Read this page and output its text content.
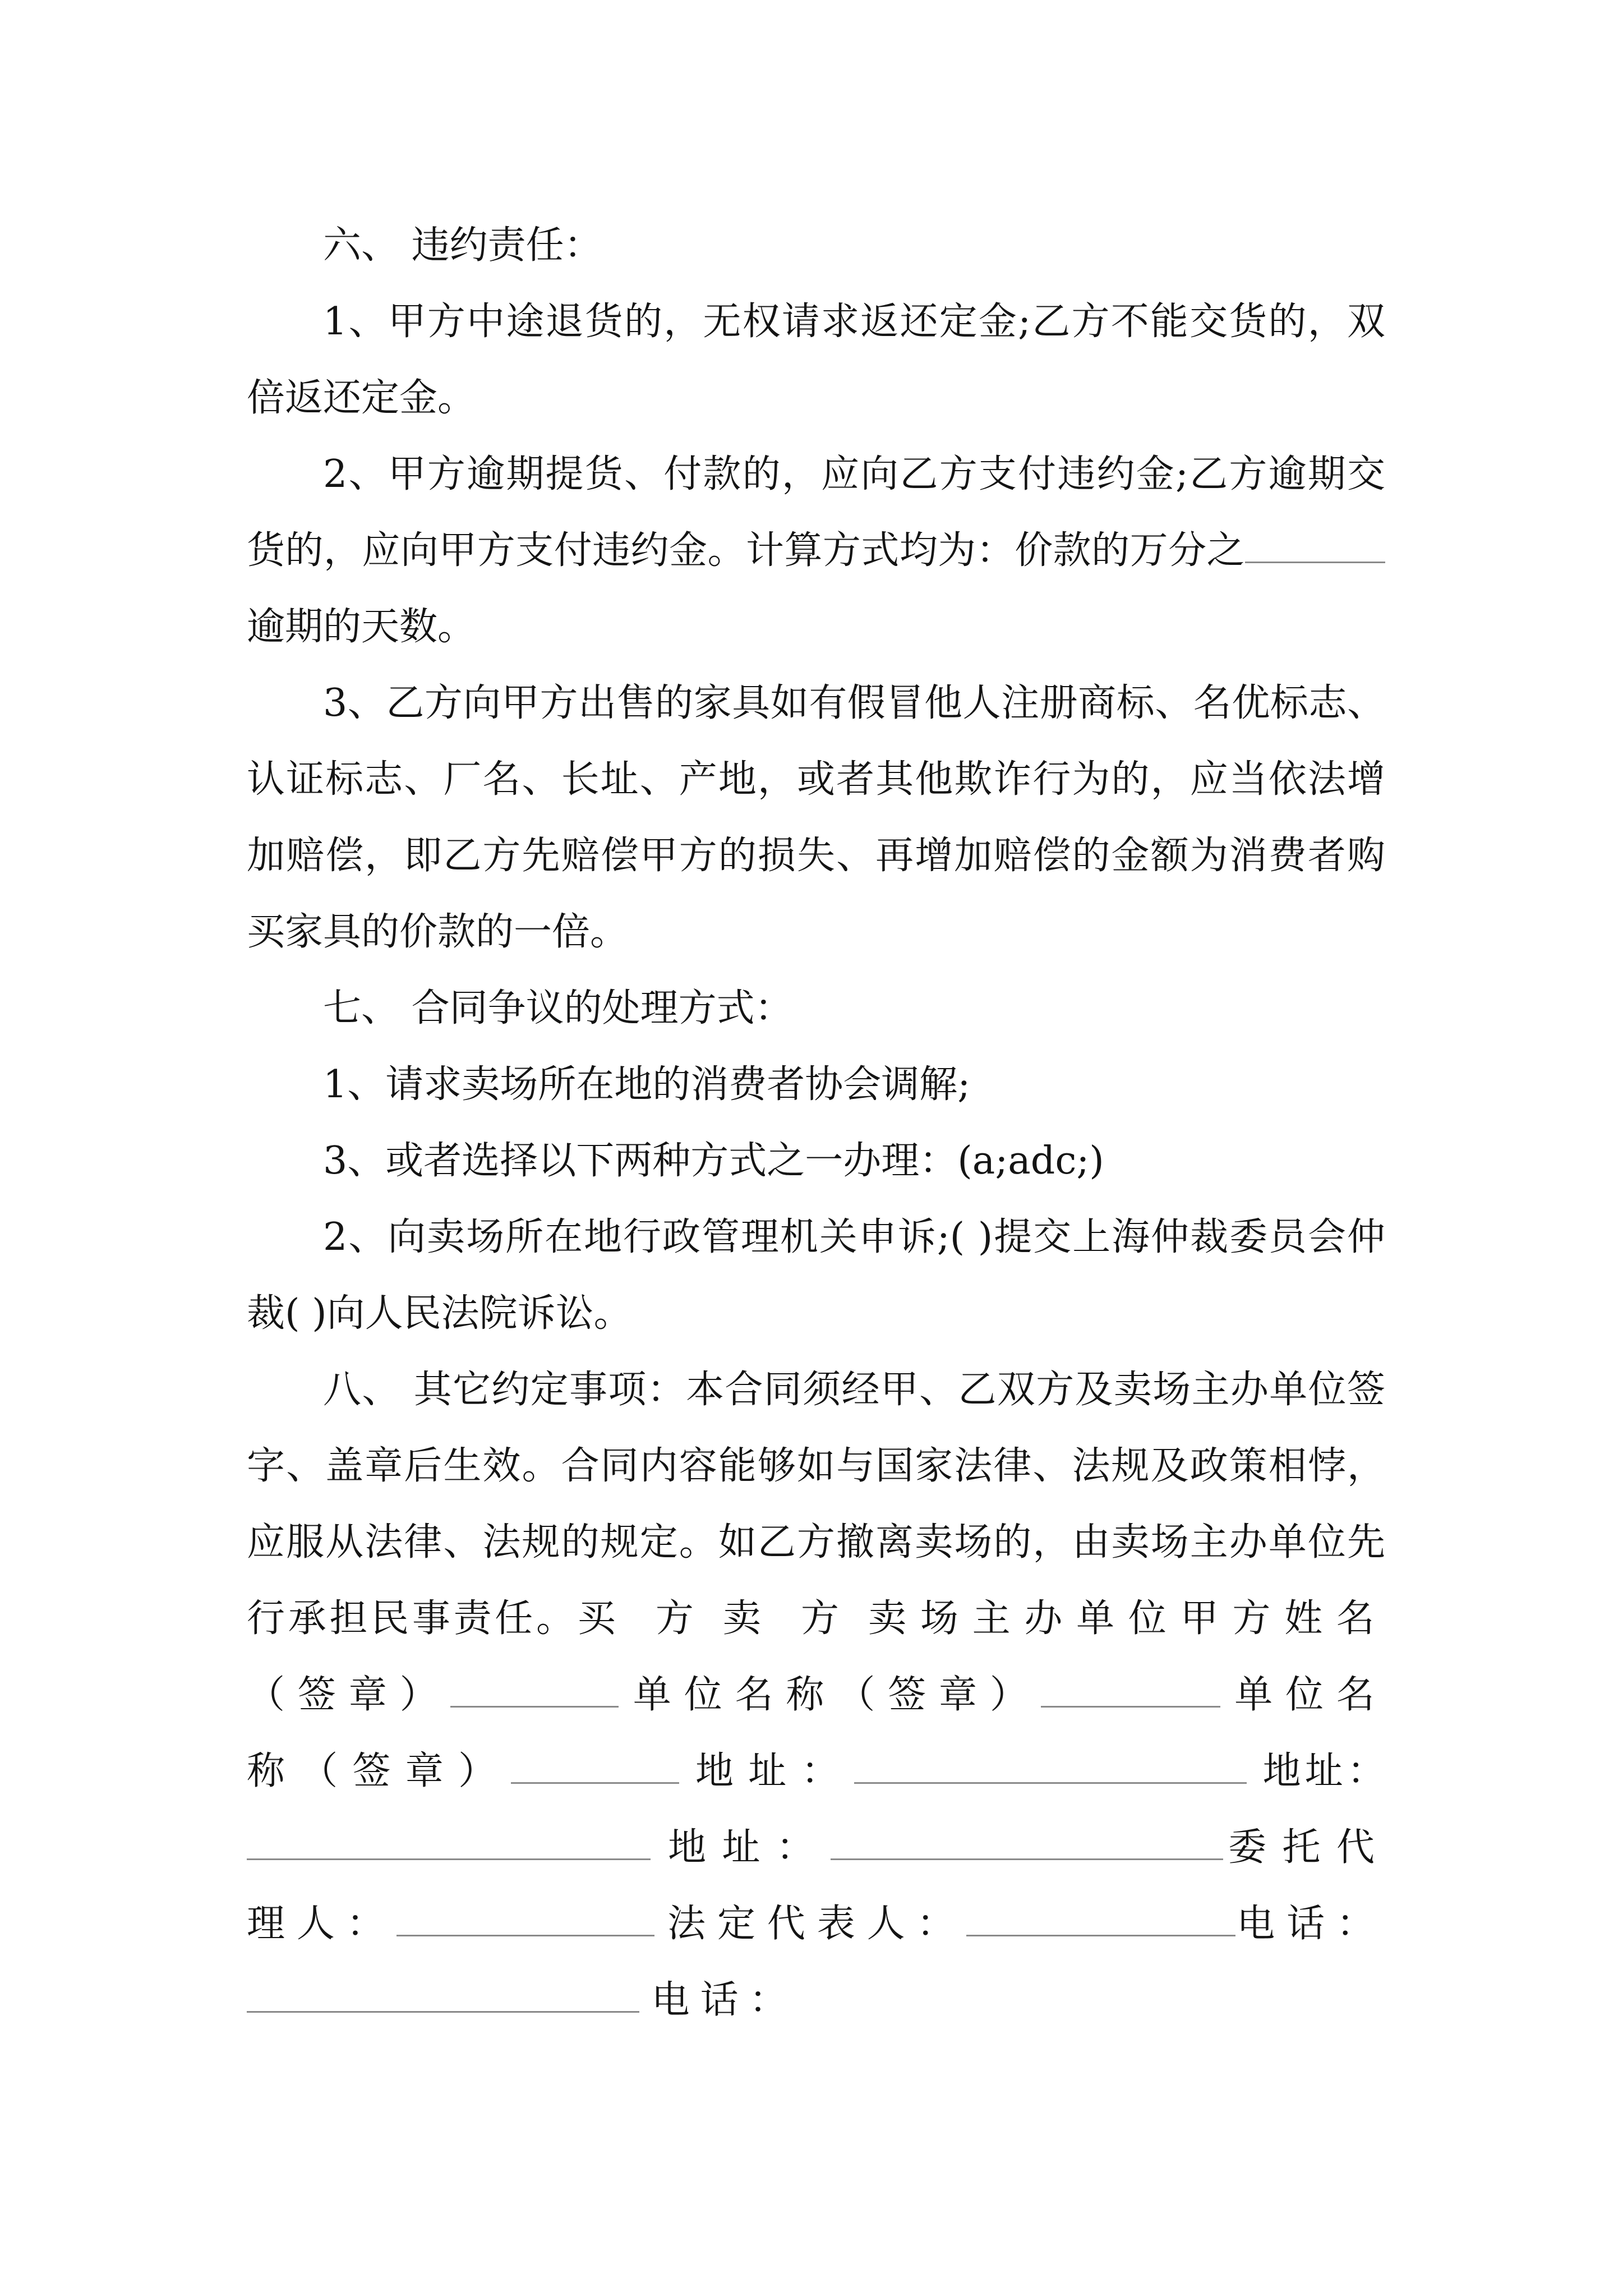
六、 违约责任：

1、甲方中途退货的，无权请求返还定金;乙方不能交货的，双倍返还定金。

2、甲方逾期提货、付款的，应向乙方支付违约金;乙方逾期交货的，应向甲方支付违约金。计算方式均为：价款的万分之逾期的天数。

3、乙方向甲方出售的家具如有假冒他人注册商标、名优标志、认证标志、厂名、长址、产地，或者其他欺诈行为的，应当依法增加赔偿，即乙方先赔偿甲方的损失、再增加赔偿的金额为消费者购买家具的价款的一倍。

七、 合同争议的处理方式：

1、请求卖场所在地的消费者协会调解;

3、或者选择以下两种方式之一办理：(a;adc;)

2、向卖场所在地行政管理机关申诉;( )提交上海仲裁委员会仲裁( )向人民法院诉讼。

八、 其它约定事项：本合同须经甲、乙双方及卖场主办单位签字、盖章后生效。合同内容能够如与国家法律、法规及政策相悖，应服从法律、法规的规定。如乙方撤离卖场的，由卖场主办单位先行承担民事责任。买 方 卖 方 卖场主办单位甲方姓名（签章）	单位名称（签章）	单位名称（签章）	地址：	地址： 地址：	委托代理人：	法定代表人：	电话： 电话：
